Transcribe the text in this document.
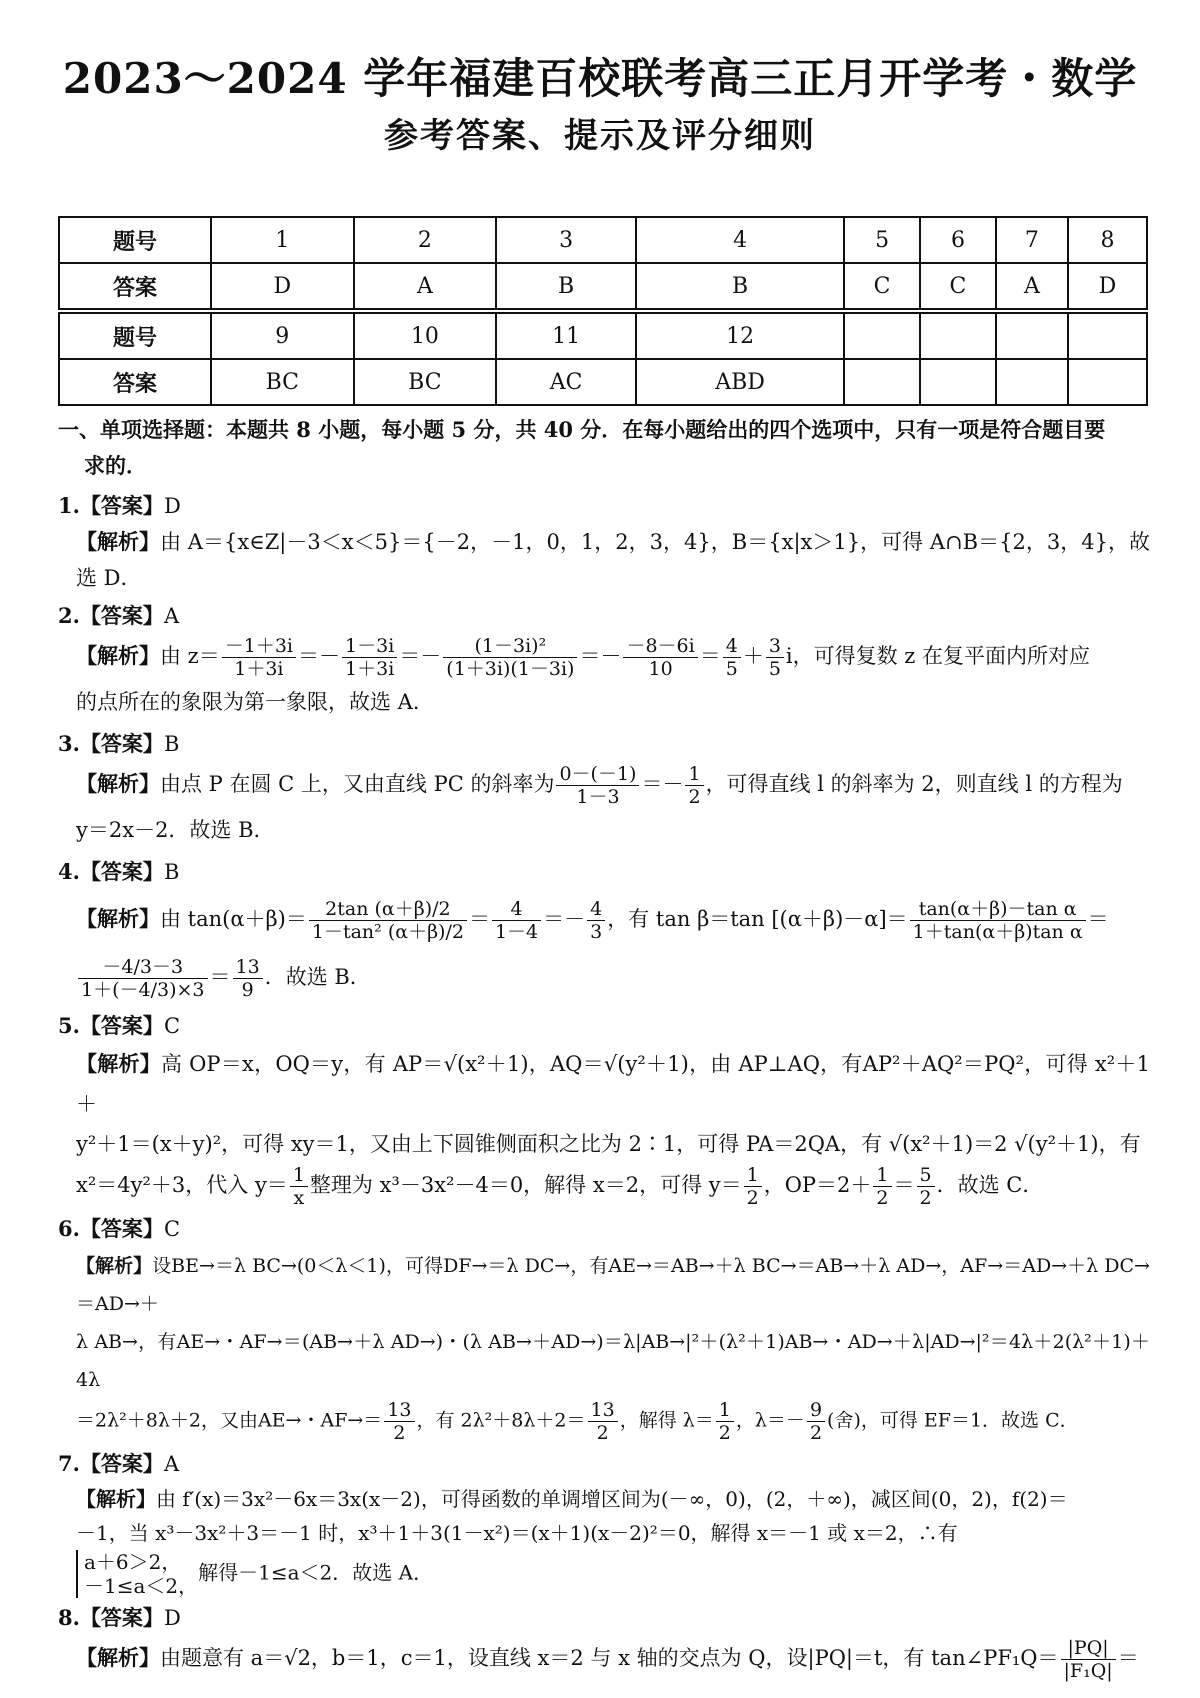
2023～2024 学年福建百校联考高三正月开学考・数学
参考答案、提示及评分细则
题号	1	2	3	4	5	6	7	8
答案	D	A	B	B	C	C	A	D
题号	9	10	11	12				
答案	BC	BC	AC	ABD				
一、单项选择题：本题共 8 小题，每小题 5 分，共 40 分．在每小题给出的四个选项中，只有一项是符合题目要
求的．
1.【答案】D
【解析】由 A＝{x∈Z|－3＜x＜5}＝{－2，－1，0，1，2，3，4}，B＝{x|x＞1}，可得 A∩B＝{2，3，4}，故选 D．
2.【答案】A
【解析】由 $z= \frac{-1+3i}{1+3i} =- \frac{1-3i}{1+3i} =- \frac{\text{(1－3i)²}}{(1+3i)(1-3i)} =- \frac{-8-6i}{10} = \frac{4}{5} + \frac{3}{5}$ i，可得复数 z 在复平面内所对应
的点所在的象限为第一象限，故选 A．
3.【答案】B
【解析】由点 P 在圆 C 上，又由直线 PC 的斜率为 $\frac{0-(-1)}{1-3} =- \frac{1}{2}$ ，可得直线 l 的斜率为 2，则直线 l 的方程为
y＝2x－2．故选 B．
4.【答案】B
【解析】由 $\tan(\alpha+\beta)= \frac{2\tan (\alpha+\beta)/2}{\text{1－tan² (α＋β)/2}} = \frac{4}{1-4} =- \frac{4}{3}$ ，有 tan β＝tan $[(\alpha+\beta)-\alpha]= \frac{\text{tan(α＋β)－tan α}}{\text{1＋tan(α＋β)tan α}}$ ＝

$\frac{-4/3-3}{1+(-4/3)\times 3} = \frac{13}{9}$ ．故选 B．
5.【答案】C
【解析】高 OP＝x，OQ＝y，有 AP＝√(x²＋1)，AQ＝√(y²＋1)，由 AP⊥AQ，有AP²＋AQ²＝PQ²，可得 x²＋1＋
y²＋1＝(x＋y)²，可得 xy＝1，又由上下圆锥侧面积之比为 2∶1，可得 PA＝2QA，有 √(x²＋1)＝2 √(y²＋1)，有
x²＝4y²＋3，代入 $y= \frac{1}{x}$ 整理为 x³－3x²－4＝0，解得 x＝2，可得 $y= \frac{1}{2}$ ，$OP=2+ \frac{1}{2} = \frac{5}{2}$ ．故选 C．
6.【答案】C
【解析】设BE→＝λ BC→(0＜λ＜1)，可得DF→＝λ DC→，有AE→＝AB→＋λ BC→＝AB→＋λ AD→，AF→＝AD→＋λ DC→＝AD→＋
λ AB→，有AE→・AF→＝(AB→＋λ AD→)・(λ AB→＋AD→)＝λ|AB→|²＋(λ²＋1)AB→・AD→＋λ|AD→|²＝4λ＋2(λ²＋1)＋4λ
＝2λ²＋8λ＋2，又由AE→・$AF\to= \frac{13}{2}$ ，有 $2\lambda^2+8\lambda+2= \frac{13}{2}$ ，解得 $\lambda= \frac{1}{2}$ ，$\lambda=- \frac{9}{2}$ (舍)，可得 EF＝1．故选 C．
7.【答案】A
【解析】由 f′(x)＝3x²－6x＝3x(x－2)，可得函数的单调增区间为(－∞，0)，(2，＋∞)，减区间(0，2)，f(2)＝
－1，当 x³－3x²＋3＝－1 时，x³＋1＋3(1－x²)＝(x＋1)(x－2)²＝0，解得 x＝－1 或 x＝2，∴有
a＋6＞2，
－1≤a＜2，解得－1≤a＜2．故选 A．
8.【答案】D
【解析】由题意有 a＝√2，b＝1，c＝1，设直线 x＝2 与 x 轴的交点为 Q，设|PQ|＝t，有 tan∠PF₁Q＝ $\frac{|PQ|}{\text{|F₁Q|}}$ ＝
